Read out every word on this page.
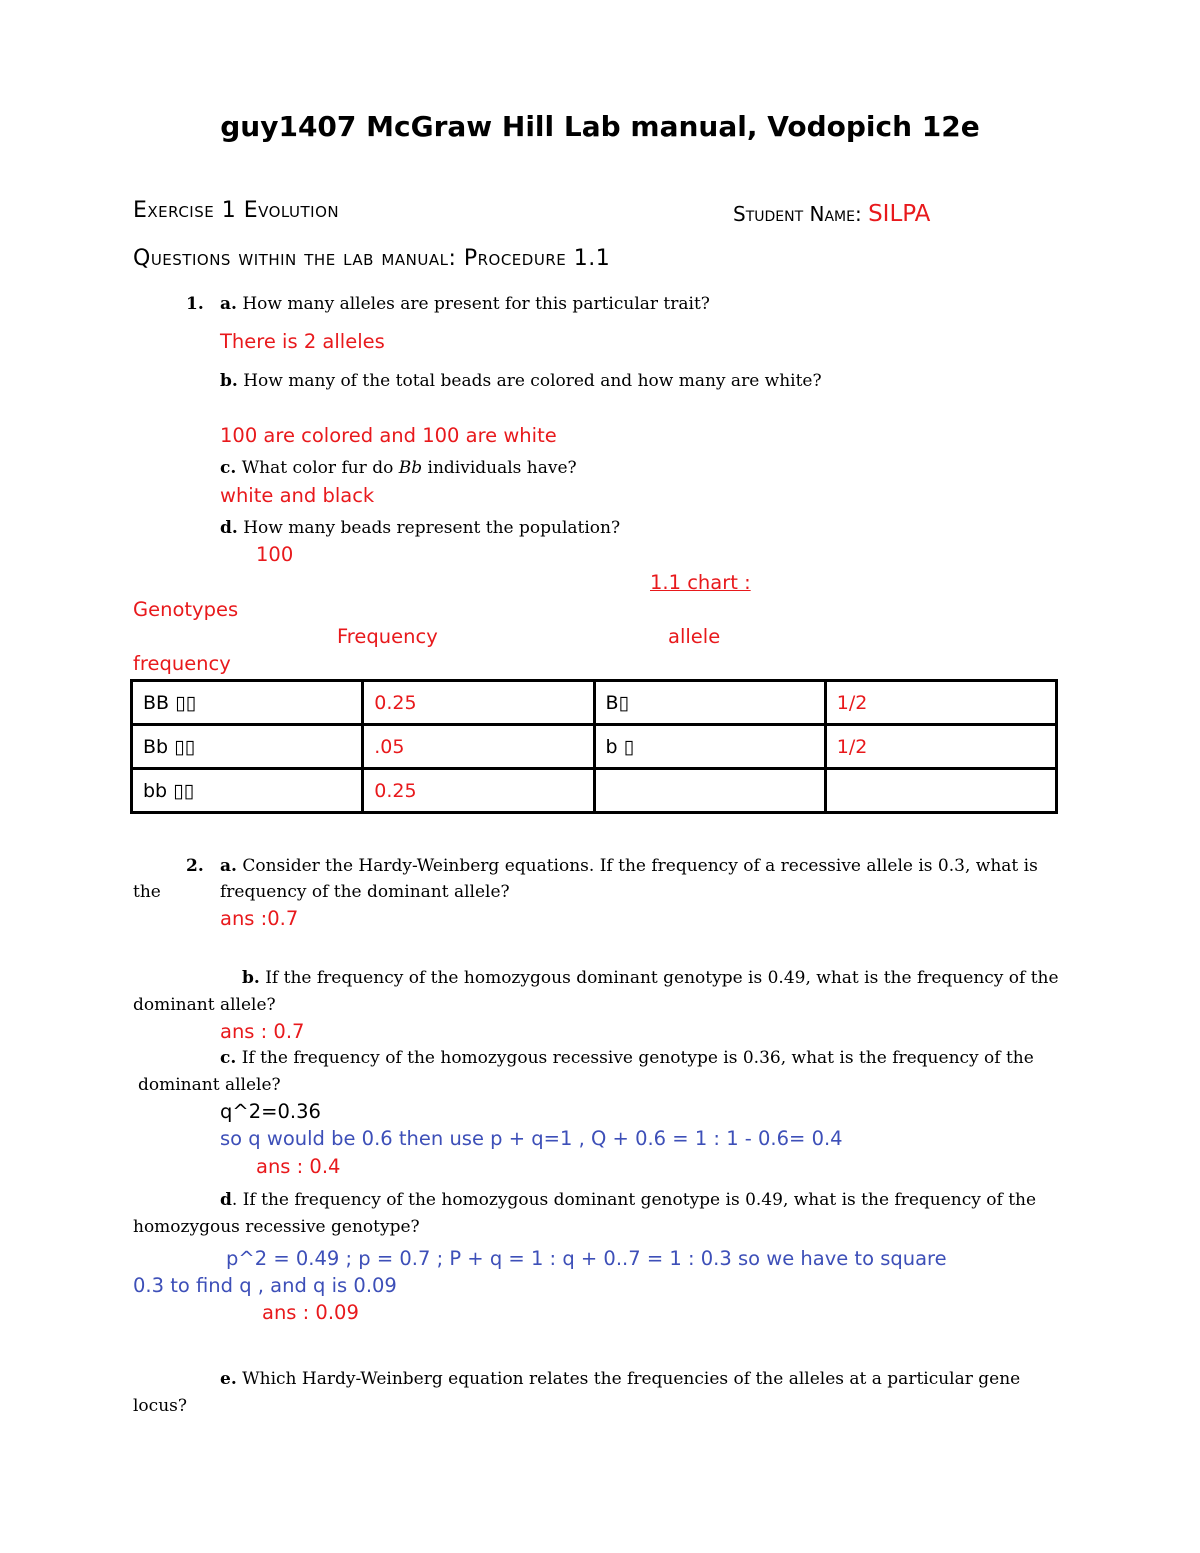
guy1407 McGraw Hill Lab manual, Vodopich 12e
Exercise 1 Evolution	Student Name: SILPA
Questions within the lab manual: Procedure 1.1
1. a. How many alleles are present for this particular trait?
There is 2 alleles
b. How many of the total beads are colored and how many are white?
100 are colored and 100 are white
c. What color fur do Bb individuals have?
white and black
d. How many beads represent the population?
100
1.1 chart :
Genotypes
Frequency	allele
frequency
BB ▯▯	0.25	B▯	1/2
Bb ▯▯	.05	b ▯	1/2
bb ▯▯	0.25		
2. a. Consider the Hardy-Weinberg equations. If the frequency of a recessive allele is 0.3, what is
the	frequency of the dominant allele?
ans :0.7
b. If the frequency of the homozygous dominant genotype is 0.49, what is the frequency of the
dominant allele?
ans : 0.7
c. If the frequency of the homozygous recessive genotype is 0.36, what is the frequency of the
dominant allele?
q^2=0.36
so q would be 0.6 then use p + q=1 , Q + 0.6 = 1 : 1 - 0.6= 0.4
ans : 0.4
d. If the frequency of the homozygous dominant genotype is 0.49, what is the frequency of the
homozygous recessive genotype?
p^2 = 0.49 ; p = 0.7 ; P + q = 1 : q + 0..7 = 1 : 0.3 so we have to square
0.3 to find q , and q is 0.09
ans : 0.09
e. Which Hardy-Weinberg equation relates the frequencies of the alleles at a particular gene
locus?
